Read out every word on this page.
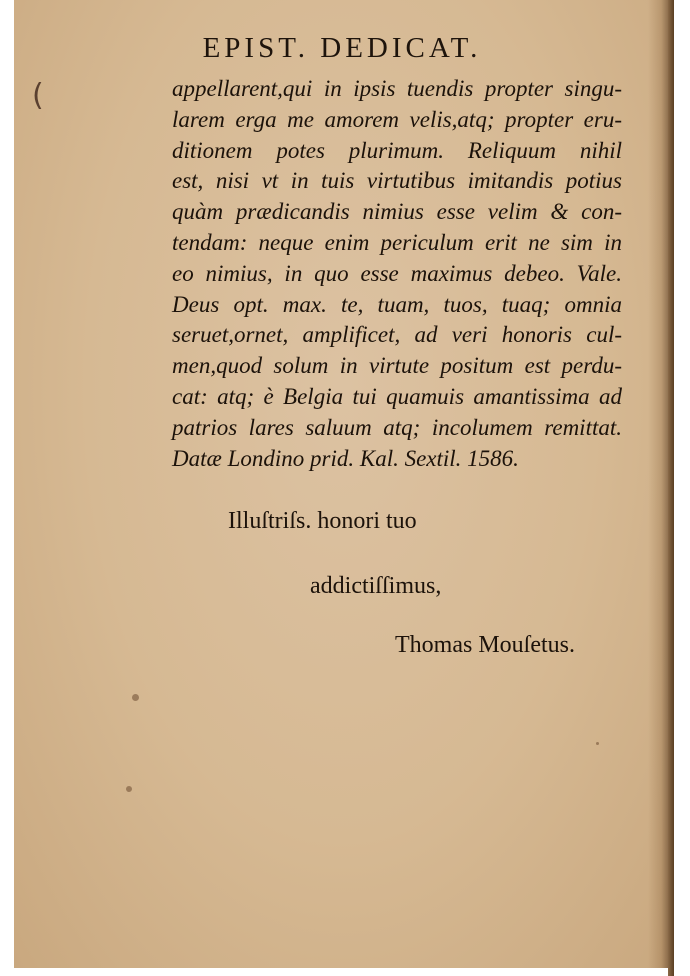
(
EPIST. DEDICAT.
appellarent,qui in ipsis tuendis propter singu-
larem erga me amorem velis,atq; propter eru-
ditionem potes plurimum. Reliquum nihil
est, nisi vt in tuis virtutibus imitandis potius
quàm prædicandis nimius esse velim & con-
tendam: neque enim periculum erit ne sim in
eo nimius, in quo esse maximus debeo. Vale.
Deus opt. max. te, tuam, tuos, tuaq; omnia
seruet,ornet, amplificet, ad veri honoris cul-
men,quod solum in virtute positum est perdu-
cat: atq; è Belgia tui quamuis amantissima ad
patrios lares saluum atq; incolumem remittat.
Datæ Londino prid. Kal. Sextil. 1586.
Illuſtriſs. honori tuo
addictiſſimus,
Thomas Mouſetus.
